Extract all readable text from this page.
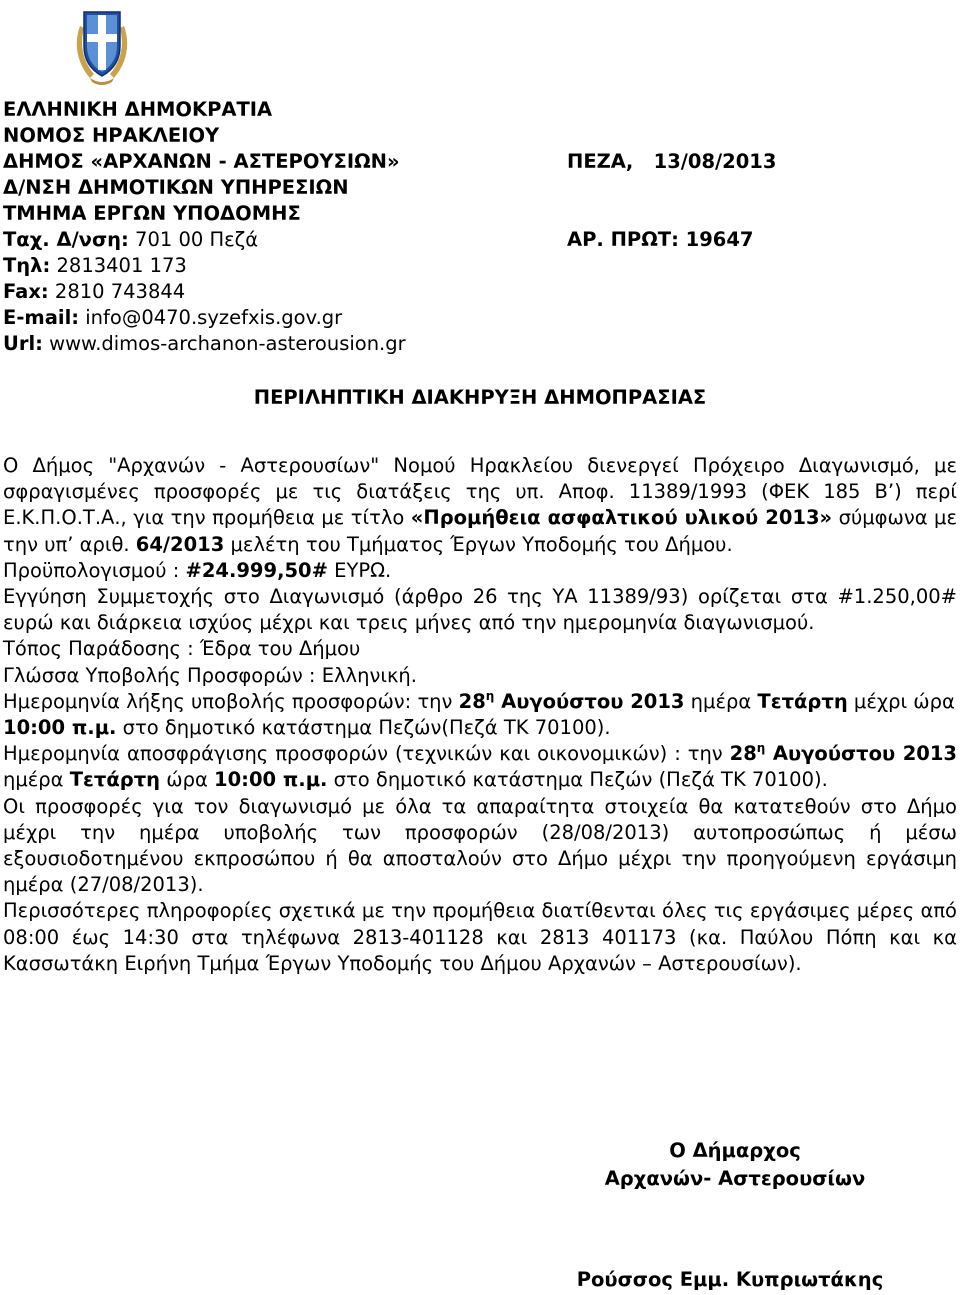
ΕΛΛΗΝΙΚΗ ΔΗΜΟΚΡΑΤΙΑ
ΝΟΜΟΣ ΗΡΑΚΛΕΙΟΥ
ΔΗΜΟΣ «ΑΡΧΑΝΩΝ - ΑΣΤΕΡΟΥΣΙΩΝ»
Δ/ΝΣΗ ΔΗΜΟΤΙΚΩΝ ΥΠΗΡΕΣΙΩΝ
ΤΜΗΜΑ ΕΡΓΩΝ ΥΠΟΔΟΜΗΣ
Ταχ. Δ/νση: 701 00 Πεζά
Τηλ: 2813401 173
Fax: 2810 743844
E-mail: info@0470.syzefxis.gov.gr
Url: www.dimos-archanon-asterousion.gr

ΠΕΖΑ,   13/08/2013

ΑΡ. ΠΡΩΤ: 19647

ΠΕΡΙΛΗΠΤΙΚΗ ΔΙΑΚΗΡΥΞΗ ΔΗΜΟΠΡΑΣΙΑΣ

Ο Δήμος "Αρχανών - Αστερουσίων" Νομού Ηρακλείου διενεργεί Πρόχειρο Διαγωνισμό, με σφραγισμένες προσφορές με τις διατάξεις της υπ. Αποφ. 11389/1993 (ΦΕΚ 185 Β’) περί Ε.Κ.Π.Ο.Τ.Α., για την προμήθεια με τίτλο «Προμήθεια ασφαλτικού υλικού 2013» σύμφωνα με την υπ’ αριθ. 64/2013 μελέτη του Τμήματος Έργων Υποδομής του Δήμου.

Προϋπολογισμού : #24.999,50# ΕΥΡΩ.

Εγγύηση Συμμετοχής στο Διαγωνισμό (άρθρο 26 της ΥΑ 11389/93) ορίζεται στα #1.250,00# ευρώ και διάρκεια ισχύος μέχρι και τρεις μήνες από την ημερομηνία διαγωνισμού.

Τόπος Παράδοσης : Έδρα του Δήμου

Γλώσσα Υποβολής Προσφορών : Ελληνική.

Ημερομηνία λήξης υποβολής προσφορών: την $28^\eta$ Αυγούστου 2013 ημέρα Τετάρτη μέχρι ώρα 10:00 π.μ. στο δημοτικό κατάστημα Πεζών(Πεζά ΤΚ 70100).

Ημερομηνία αποσφράγισης προσφορών (τεχνικών και οικονομικών) : την $28^\eta$ Αυγούστου 2013 ημέρα Τετάρτη ώρα 10:00 π.μ. στο δημοτικό κατάστημα Πεζών (Πεζά ΤΚ 70100).

Οι προσφορές για τον διαγωνισμό με όλα τα απαραίτητα στοιχεία θα κατατεθούν στο Δήμο μέχρι την ημέρα υποβολής των προσφορών (28/08/2013) αυτοπροσώπως ή μέσω εξουσιοδοτημένου εκπροσώπου ή θα αποσταλούν στο Δήμο μέχρι την προηγούμενη εργάσιμη ημέρα (27/08/2013).

Περισσότερες πληροφορίες σχετικά με την προμήθεια διατίθενται όλες τις εργάσιμες μέρες από 08:00 έως 14:30 στα τηλέφωνα 2813-401128 και 2813 401173 (κα. Παύλου Πόπη και κα Κασσωτάκη Ειρήνη Τμήμα Έργων Υποδομής του Δήμου Αρχανών – Αστερουσίων).

Ο Δήμαρχος
Αρχανών- Αστερουσίων
Ρούσσος Εμμ. Κυπριωτάκης
